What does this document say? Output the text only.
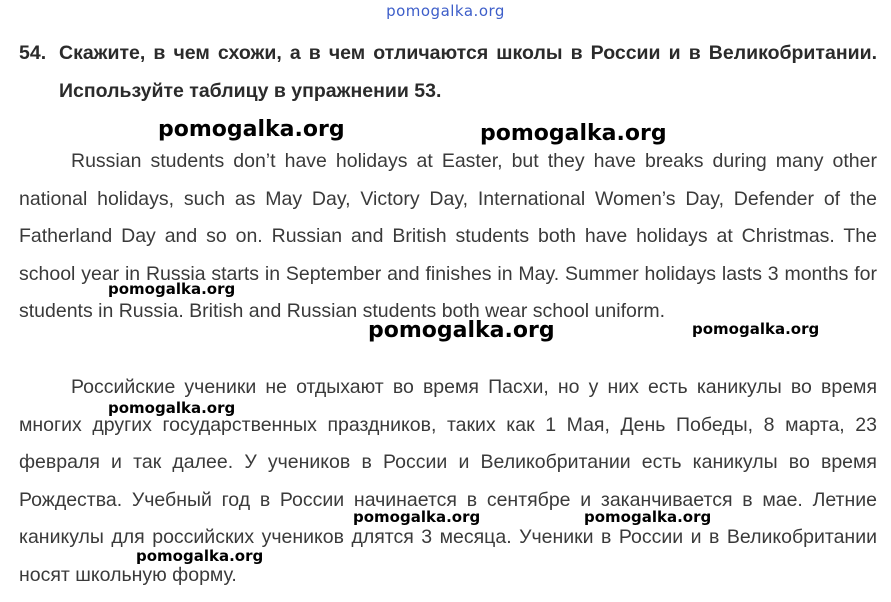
pomogalka.org
54. Скажите, в чем схожи, а в чем отличаются школы в России и в Великобритании. Используйте таблицу в упражнении 53.
Russian students don’t have holidays at Easter, but they have breaks during many other national holidays, such as May Day, Victory Day, International Women’s Day, Defender of the Fatherland Day and so on. Russian and British students both have holidays at Christmas. The school year in Russia starts in September and finishes in May. Summer holidays lasts 3 months for students in Russia. British and Russian students both wear school uniform.
Российские ученики не отдыхают во время Пасхи, но у них есть каникулы во время многих других государственных праздников, таких как 1 Мая, День Победы, 8 марта, 23 февраля и так далее. У учеников в России и Великобритании есть каникулы во время Рождества. Учебный год в России начинается в сентябре и заканчивается в мае. Летние каникулы для российских учеников длятся 3 месяца. Ученики в России и в Великобритании носят школьную форму.
pomogalka.org	pomogalka.org
pomogalka.org
pomogalka.org	pomogalka.org
pomogalka.org
pomogalka.org	pomogalka.org
pomogalka.org
